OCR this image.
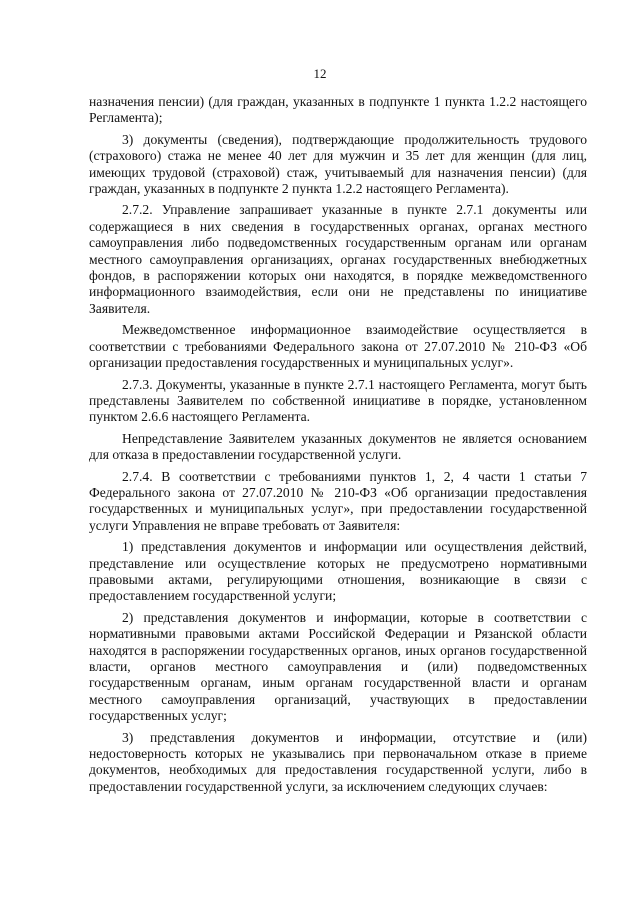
12

назначения пенсии) (для граждан, указанных в подпункте 1 пункта 1.2.2 настоящего Регламента);

3) документы (сведения), подтверждающие продолжительность трудового (страхового) стажа не менее 40 лет для мужчин и 35 лет для женщин (для лиц, имеющих трудовой (страховой) стаж, учитываемый для назначения пенсии) (для граждан, указанных в подпункте 2 пункта 1.2.2 настоящего Регламента).

2.7.2. Управление запрашивает указанные в пункте 2.7.1 документы или содержащиеся в них сведения в государственных органах, органах местного самоуправления либо подведомственных государственным органам или органам местного самоуправления организациях, органах государственных внебюджетных фондов, в распоряжении которых они находятся, в порядке межведомственного информационного взаимодействия, если они не представлены по инициативе Заявителя.

Межведомственное информационное взаимодействие осуществляется в соответствии с требованиями Федерального закона от 27.07.2010 № 210-ФЗ «Об организации предоставления государственных и муниципальных услуг».

2.7.3. Документы, указанные в пункте 2.7.1 настоящего Регламента, могут быть представлены Заявителем по собственной инициативе в порядке, установленном пунктом 2.6.6 настоящего Регламента.

Непредставление Заявителем указанных документов не является основанием для отказа в предоставлении государственной услуги.

2.7.4. В соответствии с требованиями пунктов 1, 2, 4 части 1 статьи 7 Федерального закона от 27.07.2010 № 210-ФЗ «Об организации предоставления государственных и муниципальных услуг», при предоставлении государственной услуги Управления не вправе требовать от Заявителя:

1) представления документов и информации или осуществления действий, представление или осуществление которых не предусмотрено нормативными правовыми актами, регулирующими отношения, возникающие в связи с предоставлением государственной услуги;

2) представления документов и информации, которые в соответствии с нормативными правовыми актами Российской Федерации и Рязанской области находятся в распоряжении государственных органов, иных органов государственной власти, органов местного самоуправления и (или) подведомственных государственным органам, иным органам государственной власти и органам местного самоуправления организаций, участвующих в предоставлении государственных услуг;

3) представления документов и информации, отсутствие и (или) недостоверность которых не указывались при первоначальном отказе в приеме документов, необходимых для предоставления государственной услуги, либо в предоставлении государственной услуги, за исключением следующих случаев:
